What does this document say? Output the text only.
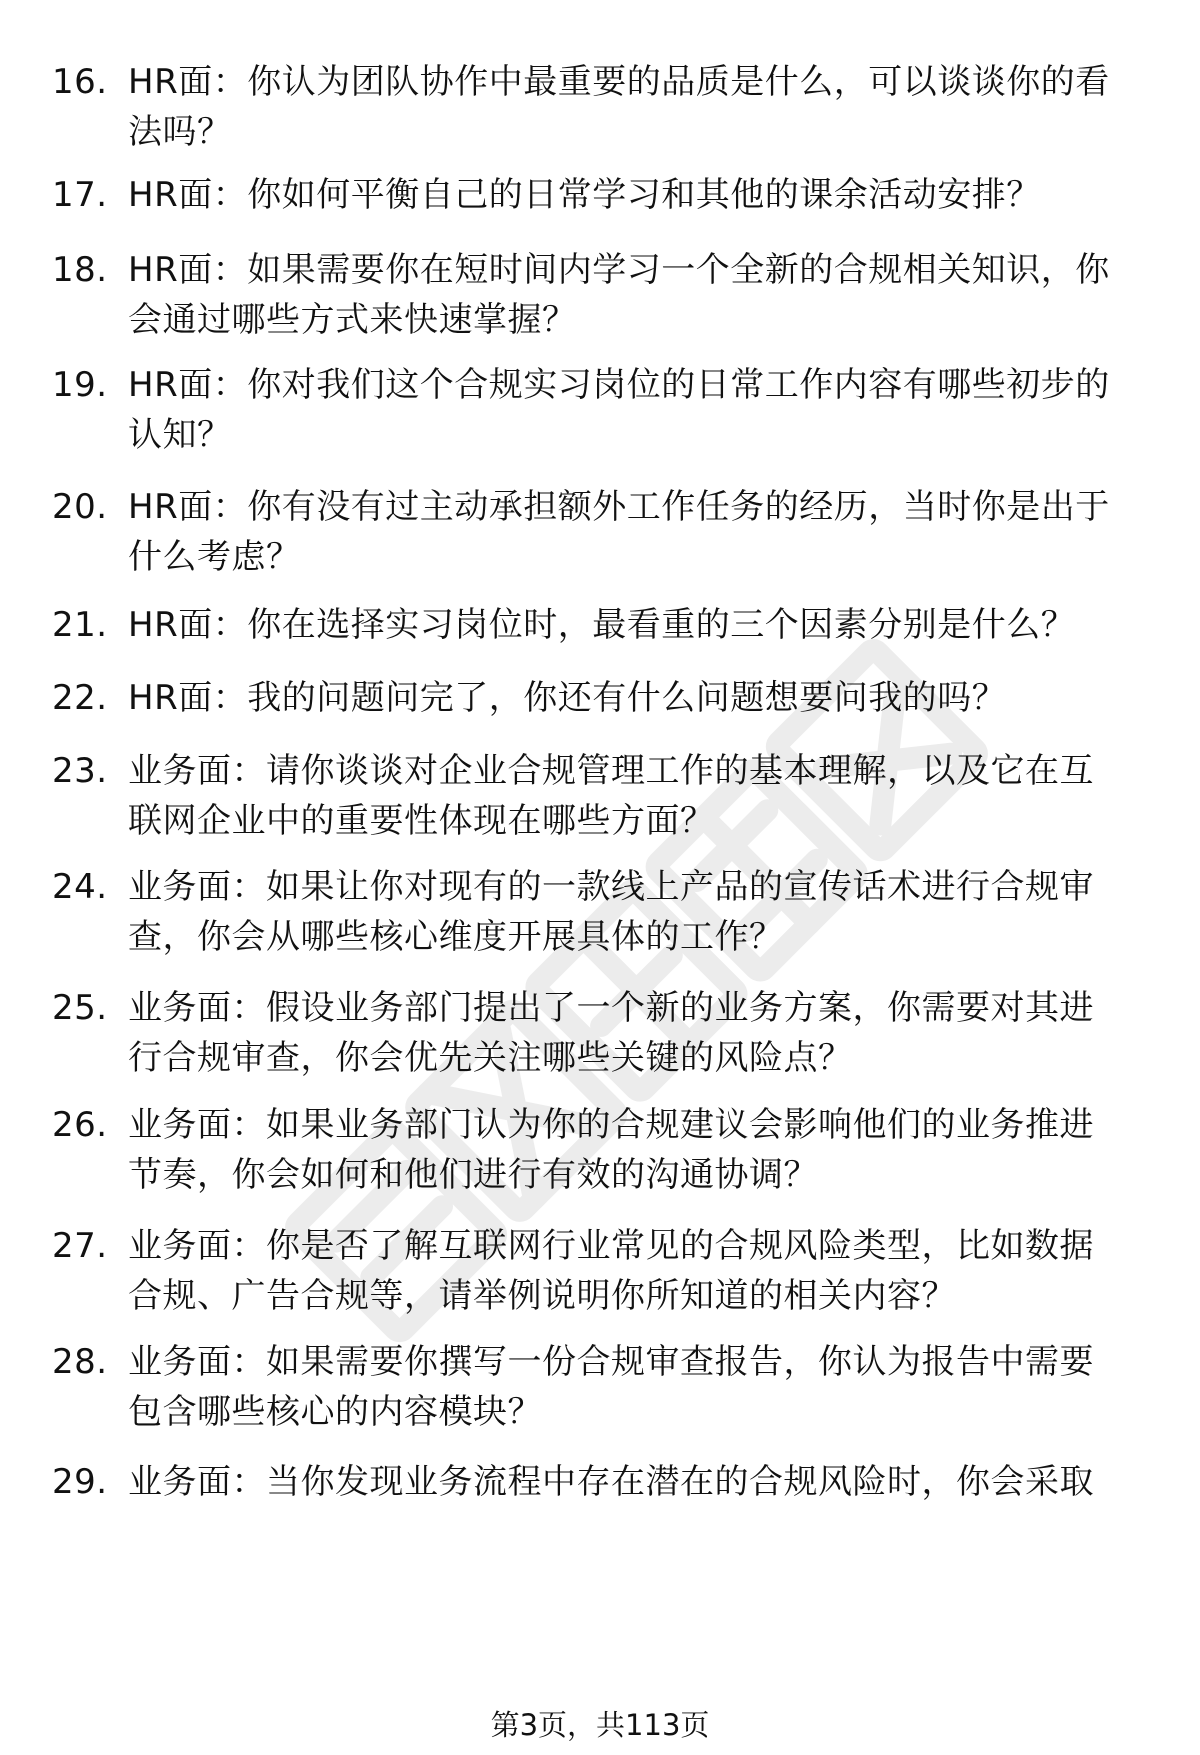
16. HR面：你认为团队协作中最重要的品质是什么，可以谈谈你的看
法吗？
17. HR面：你如何平衡自己的日常学习和其他的课余活动安排？
18. HR面：如果需要你在短时间内学习一个全新的合规相关知识，你
会通过哪些方式来快速掌握？
19. HR面：你对我们这个合规实习岗位的日常工作内容有哪些初步的
认知？
20. HR面：你有没有过主动承担额外工作任务的经历，当时你是出于
什么考虑？
21. HR面：你在选择实习岗位时，最看重的三个因素分别是什么？
22. HR面：我的问题问完了，你还有什么问题想要问我的吗？
23. 业务面：请你谈谈对企业合规管理工作的基本理解，以及它在互
联网企业中的重要性体现在哪些方面？
24. 业务面：如果让你对现有的一款线上产品的宣传话术进行合规审
查，你会从哪些核心维度开展具体的工作？
25. 业务面：假设业务部门提出了一个新的业务方案，你需要对其进
行合规审查，你会优先关注哪些关键的风险点？
26. 业务面：如果业务部门认为你的合规建议会影响他们的业务推进
节奏，你会如何和他们进行有效的沟通协调？
27. 业务面：你是否了解互联网行业常见的合规风险类型，比如数据
合规、广告合规等，请举例说明你所知道的相关内容？
28. 业务面：如果需要你撰写一份合规审查报告，你认为报告中需要
包含哪些核心的内容模块？
29. 业务面：当你发现业务流程中存在潜在的合规风险时，你会采取
第3页，共113页
